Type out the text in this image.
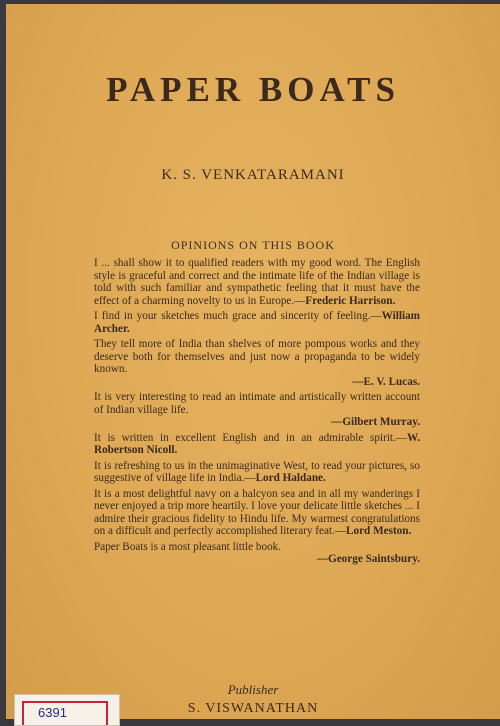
PAPER BOATS
K. S. VENKATARAMANI
OPINIONS ON THIS BOOK

I ... shall show it to qualified readers with my good word. The English style is graceful and correct and the intimate life of the Indian village is told with such familiar and sympathetic feeling that it must have the effect of a charming novelty to us in Europe.—Frederic Harrison.

I find in your sketches much grace and sincerity of feeling.—William Archer.

They tell more of India than shelves of more pompous works and they deserve both for themselves and just now a propaganda to be widely known.
—E. V. Lucas.

It is very interesting to read an intimate and artistically written account of Indian village life.
—Gilbert Murray.

It is written in excellent English and in an admirable spirit.—W. Robertson Nicoll.

It is refreshing to us in the unimaginative West, to read your pictures, so suggestive of village life in India.—Lord Haldane.

It is a most delightful navy on a halcyon sea and in all my wanderings I never enjoyed a trip more heartily. I love your delicate little sketches ... I admire their gracious fidelity to Hindu life. My warmest congratulations on a difficult and perfectly accomplished literary feat.—Lord Meston.

Paper Boats is a most pleasant little book.
—George Saintsbury.

Publisher
S. VISWANATHAN
6391
